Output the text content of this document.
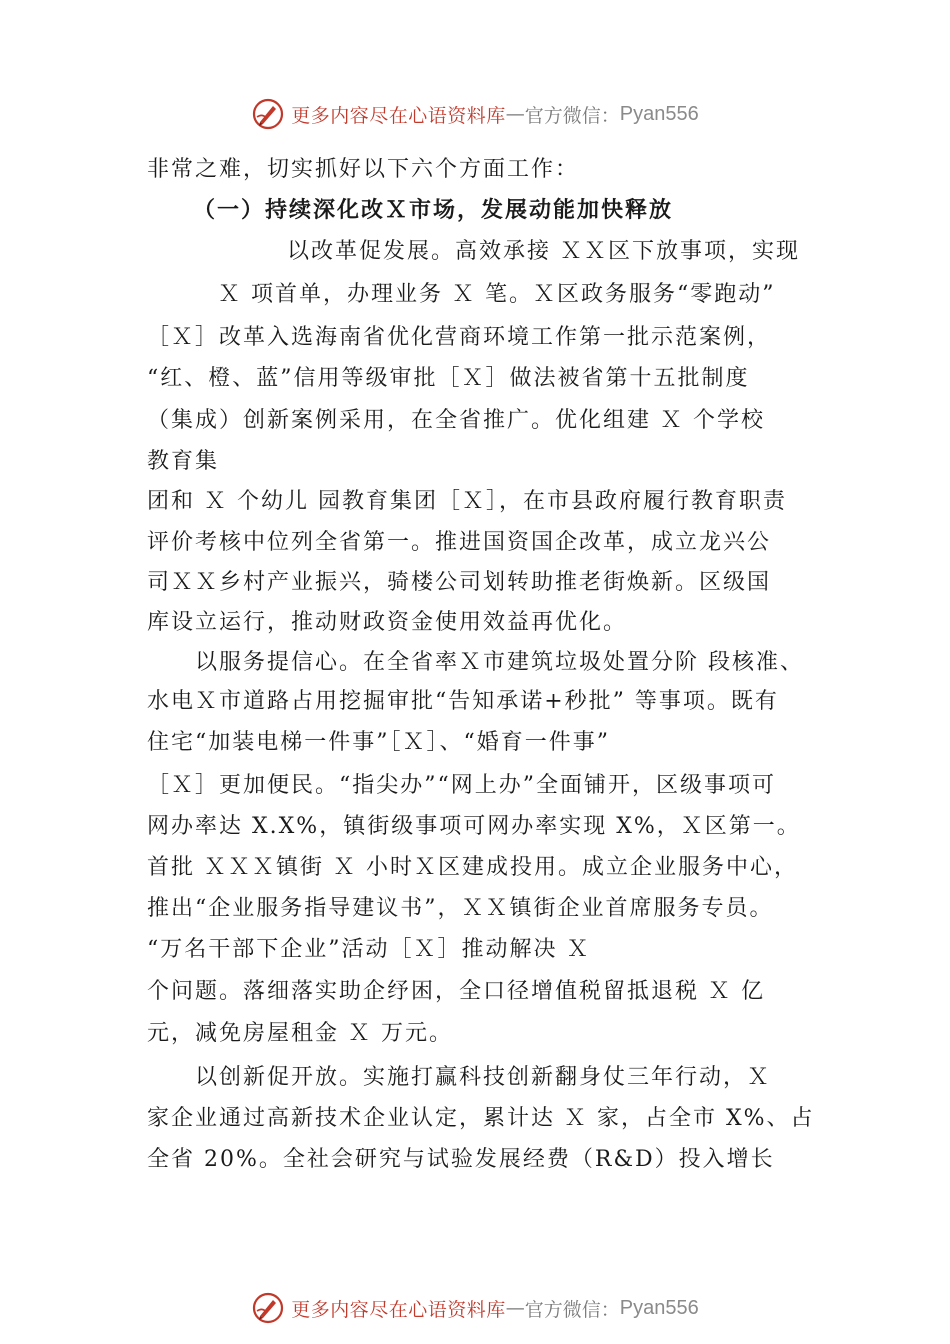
更多内容尽在心语资料库 — 官方微信： Pyan556
非常之难，切实抓好以下六个方面工作：
（一）持续深化改Ｘ市场，发展动能加快释放
以改革促发展。高效承接 ＸＸ区下放事项，实现
Ｘ 项首单，办理业务 Ｘ 笔。Ｘ区政务服务“零跑动”
［Ｘ］改革入选海南省优化营商环境工作第一批示范案例，
“红、橙、蓝”信用等级审批［Ｘ］做法被省第十五批制度
（集成）创新案例采用，在全省推广。优化组建 Ｘ 个学校
教育集
团和 Ｘ 个幼儿 园教育集团［Ｘ］，在市县政府履行教育职责
评价考核中位列全省第一。推进国资国企改革，成立龙兴公
司ＸＸ乡村产业振兴，骑楼公司划转助推老街焕新。区级国
库设立运行，推动财政资金使用效益再优化。
以服务提信心。在全省率Ｘ市建筑垃圾处置分阶 段核准、
水电Ｘ市道路占用挖掘审批“告知承诺+秒批” 等事项。既有
住宅“加装电梯一件事”［Ｘ］、“婚育一件事”
［Ｘ］更加便民。“指尖办”“网上办”全面铺开，区级事项可
网办率达 X.X%，镇街级事项可网办率实现 X%，Ｘ区第一。
首批 ＸＸＸ镇街 Ｘ 小时Ｘ区建成投用。成立企业服务中心，
推出“企业服务指导建议书”，ＸＸ镇街企业首席服务专员。
“万名干部下企业”活动［Ｘ］推动解决 Ｘ
个问题。落细落实助企纾困，全口径增值税留抵退税 Ｘ 亿
元，减免房屋租金 Ｘ 万元。
以创新促开放。实施打赢科技创新翻身仗三年行动，Ｘ
家企业通过高新技术企业认定，累计达 Ｘ 家，占全市 X%、占
全省 20%。全社会研究与试验发展经费（R&D）投入增长
更多内容尽在心语资料库 — 官方微信： Pyan556
